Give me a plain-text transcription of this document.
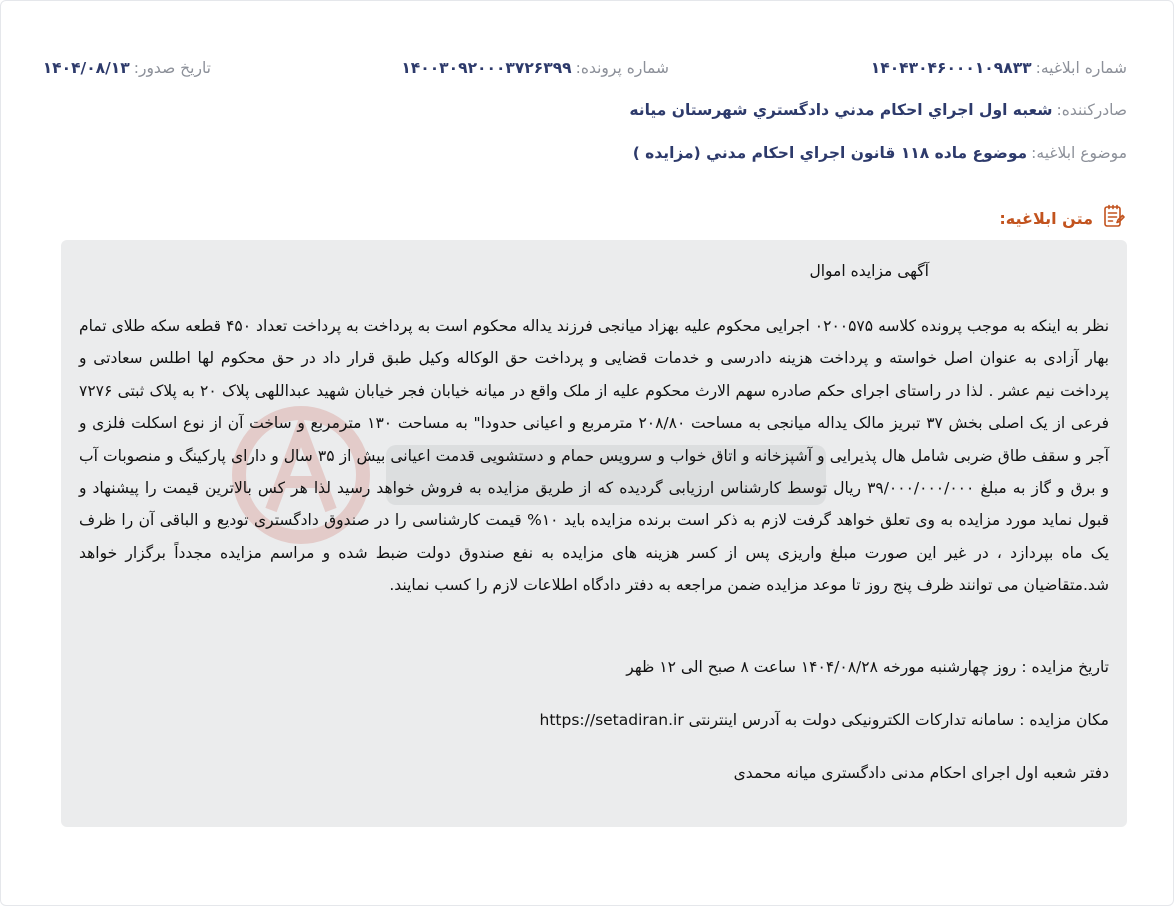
شماره ابلاغیه:
۱۴۰۴۳۰۴۶۰۰۰۱۰۹۸۳۳
شماره پرونده:
۱۴۰۰۳۰۹۲۰۰۰۳۷۲۶۳۹۹
تاریخ صدور:
۱۴۰۴/۰۸/۱۳
صادرکننده:
شعبه اول اجراي احکام مدني دادگستري شهرستان ميانه
موضوع ابلاغیه:
موضوع ماده ۱۱۸ قانون اجراي احکام مدني (مزايده )
متن ابلاغیه:
آگهی مزایده اموال
نظر به اینکه به موجب پرونده کلاسه ۰۲۰۰۵۷۵ اجرایی محکوم علیه بهزاد میانجی فرزند یداله محکوم است به پرداخت به پرداخت تعداد ۴۵۰ قطعه سکه طلای تمام بهار آزادی به عنوان اصل خواسته و پرداخت هزینه دادرسی و خدمات قضایی و پرداخت حق الوکاله وکیل طبق قرار داد در حق محکوم لها اطلس سعادتی و پرداخت نیم عشر . لذا در راستای اجرای حکم صادره سهم الارث محکوم علیه از ملک واقع در میانه خیابان فجر خیابان شهید عبداللهی پلاک ۲۰ به پلاک ثبتی ۷۲۷۶ فرعی از یک اصلی بخش ۳۷ تبریز مالک یداله میانجی به مساحت ۲۰۸/۸۰ مترمربع و اعیانی حدودا" به مساحت ۱۳۰ مترمربع و ساخت آن از نوع اسکلت فلزی و آجر و سقف طاق ضربی شامل هال پذیرایی و آشپزخانه و اتاق خواب و سرویس حمام و دستشویی قدمت اعیانی بیش از ۳۵ سال و دارای پارکینگ و منصوبات آب و برق و گاز به مبلغ ۳۹/۰۰۰/۰۰۰/۰۰۰ ریال توسط کارشناس ارزیابی گردیده که از طریق مزایده به فروش خواهد رسید لذا هر کس بالاترین قیمت را پیشنهاد و قبول نماید مورد مزایده به وی تعلق خواهد گرفت لازم به ذکر است برنده مزایده باید ۱۰% قیمت کارشناسی را در صندوق دادگستری تودیع و الباقی آن را ظرف یک ماه بپردازد ، در غیر این صورت مبلغ واریزی پس از کسر هزینه های مزایده به نفع صندوق دولت ضبط شده و مراسم مزایده مجدداً برگزار خواهد شد.متقاضیان می توانند ظرف پنج روز تا موعد مزایده ضمن مراجعه به دفتر دادگاه اطلاعات لازم را کسب نمایند.
تاریخ مزایده : روز چهارشنبه مورخه ۱۴۰۴/۰۸/۲۸ ساعت ۸ صبح الی ۱۲ ظهر
مکان مزایده : سامانه تدارکات الکترونیکی دولت به آدرس اینترنتی https://setadiran.ir
دفتر شعبه اول اجرای احکام مدنی دادگستری میانه محمدی
